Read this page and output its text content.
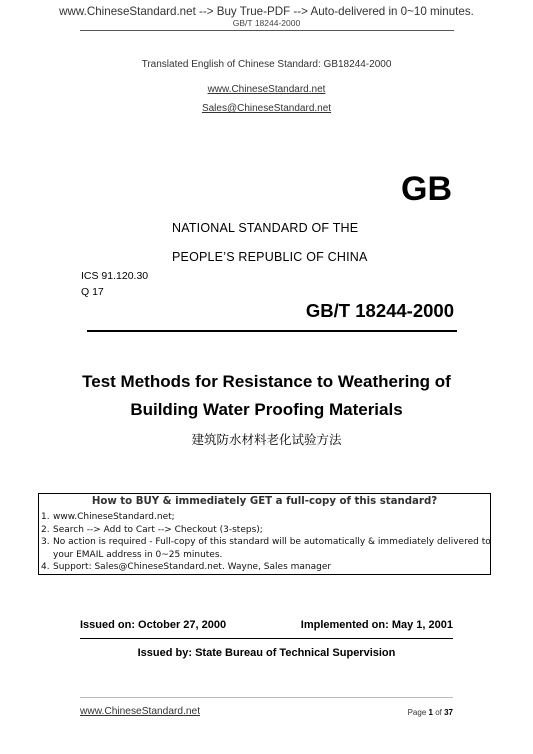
www.ChineseStandard.net --> Buy True-PDF --> Auto-delivered in 0~10 minutes.
GB/T 18244-2000
Translated English of Chinese Standard: GB18244-2000
www.ChineseStandard.net
Sales@ChineseStandard.net
GB
NATIONAL STANDARD OF THE
PEOPLE’S REPUBLIC OF CHINA
ICS 91.120.30
Q 17
GB/T 18244-2000
Test Methods for Resistance to Weathering of
Building Water Proofing Materials
建筑防水材料老化试验方法
How to BUY & immediately GET a full-copy of this standard?
1. www.ChineseStandard.net;
2. Search --> Add to Cart --> Checkout (3-steps);
3. No action is required - Full-copy of this standard will be automatically & immediately delivered to
your EMAIL address in 0~25 minutes.
4. Support: Sales@ChineseStandard.net. Wayne, Sales manager
Issued on: October 27, 2000	Implemented on: May 1, 2001
Issued by: State Bureau of Technical Supervision
www.ChineseStandard.net	Page 1 of 37
